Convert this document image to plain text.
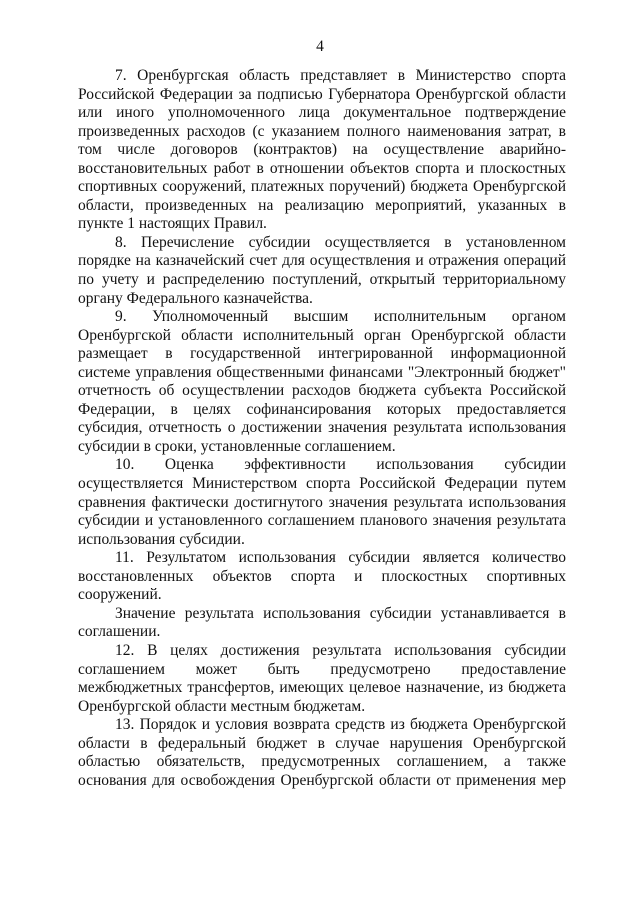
4

7. Оренбургская область представляет в Министерство спорта Российской Федерации за подписью Губернатора Оренбургской области или иного уполномоченного лица документальное подтверждение произведенных расходов (с указанием полного наименования затрат, в том числе договоров (контрактов) на осуществление аварийно-восстановительных работ в отношении объектов спорта и плоскостных спортивных сооружений, платежных поручений) бюджета Оренбургской области, произведенных на реализацию мероприятий, указанных в пункте 1 настоящих Правил.

8. Перечисление субсидии осуществляется в установленном порядке на казначейский счет для осуществления и отражения операций по учету и распределению поступлений, открытый территориальному органу Федерального казначейства.

9. Уполномоченный высшим исполнительным органом Оренбургской области исполнительный орган Оренбургской области размещает в государственной интегрированной информационной системе управления общественными финансами "Электронный бюджет" отчетность об осуществлении расходов бюджета субъекта Российской Федерации, в целях софинансирования которых предоставляется субсидия, отчетность о достижении значения результата использования субсидии в сроки, установленные соглашением.

10. Оценка эффективности использования субсидии осуществляется Министерством спорта Российской Федерации путем сравнения фактически достигнутого значения результата использования субсидии и установленного соглашением планового значения результата использования субсидии.

11. Результатом использования субсидии является количество восстановленных объектов спорта и плоскостных спортивных сооружений.

Значение результата использования субсидии устанавливается в соглашении.

12. В целях достижения результата использования субсидии соглашением может быть предусмотрено предоставление межбюджетных трансфертов, имеющих целевое назначение, из бюджета Оренбургской области местным бюджетам.

13. Порядок и условия возврата средств из бюджета Оренбургской области в федеральный бюджет в случае нарушения Оренбургской областью обязательств, предусмотренных соглашением, а также основания для освобождения Оренбургской области от применения мер
